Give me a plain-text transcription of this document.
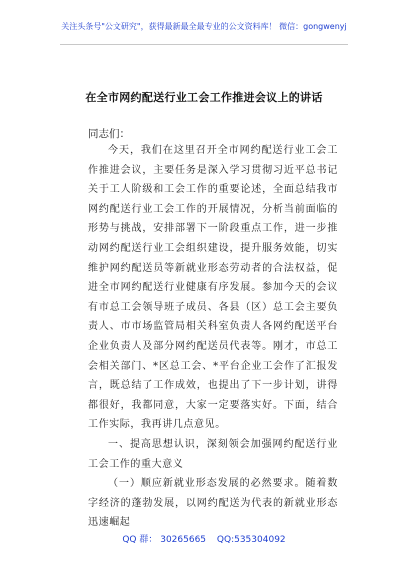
关注头条号"公文研究"，获得最新最全最专业的公文资料库！ 微信：gongwenyj
在全市网约配送行业工会工作推进会议上的讲话
同志们：

今天，我们在这里召开全市网约配送行业工会工作推进会议，主要任务是深入学习贯彻习近平总书记关于工人阶级和工会工作的重要论述，全面总结我市网约配送行业工会工作的开展情况，分析当前面临的形势与挑战，安排部署下一阶段重点工作，进一步推动网约配送行业工会组织建设，提升服务效能，切实维护网约配送员等新就业形态劳动者的合法权益，促进全市网约配送行业健康有序发展。参加今天的会议有市总工会领导班子成员、各县（区）总工会主要负责人、市市场监管局相关科室负责人各网约配送平台企业负责人及部分网约配送员代表等。刚才，市总工会相关部门、*区总工会、*平台企业工会作了汇报发言，既总结了工作成效，也提出了下一步计划，讲得都很好，我都同意，大家一定要落实好。下面，结合工作实际，我再讲几点意见。

一、提高思想认识，深刻领会加强网约配送行业工会工作的重大意义

（一）顺应新就业形态发展的必然要求。随着数字经济的蓬勃发展，以网约配送为代表的新就业形态迅速崛起

QQ 群： 30265665 QQ:535304092
